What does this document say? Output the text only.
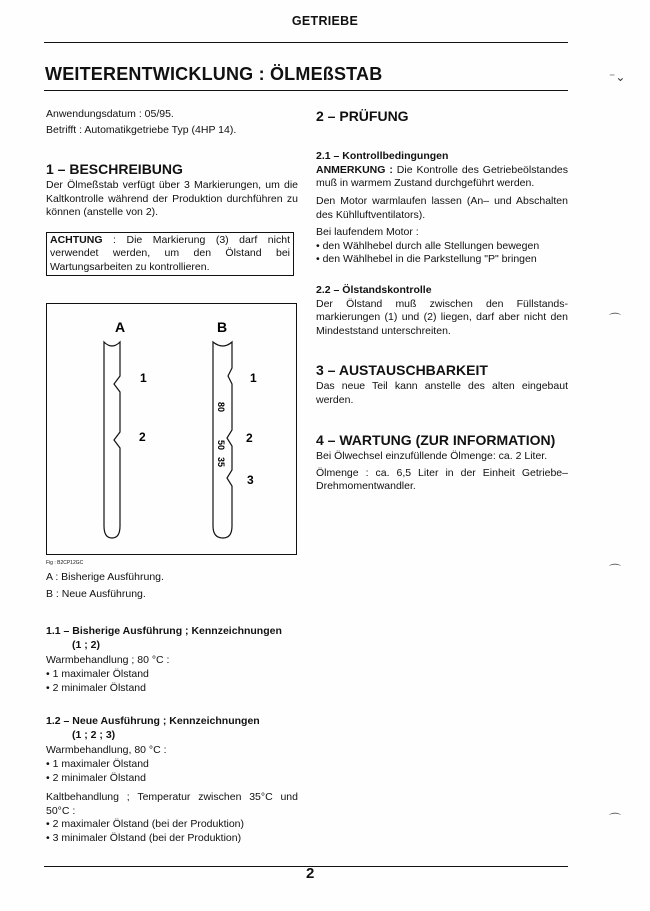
GETRIEBE
WEITERENTWICKLUNG : ÖLMEßSTAB

Anwendungsdatum : 05/95.

Betrifft : Automatikgetriebe Typ (4HP 14).

1 – BESCHREIBUNG
Der Ölmeßstab verfügt über 3 Markierungen, um die Kaltkontrolle während der Produktion durchführen zu können (anstelle von 2).
ACHTUNG : Die Markierung (3) darf nicht verwendet werden, um den Ölstand bei Wartungsarbeiten zu kontrollieren.
A	B
1
2
1
2
3
80
50
35
Fig : B2CP12GC

A : Bisherige Ausführung.

B : Neue Ausführung.

1.1 – Bisherige Ausführung ; Kennzeichnungen

(1 ; 2)

Warmbehandlung ; 80 °C :

• 1 maximaler Ölstand
• 2 minimaler Ölstand

1.2 – Neue Ausführung ; Kennzeichnungen

(1 ; 2 ; 3)

Warmbehandlung, 80 °C :

• 1 maximaler Ölstand
• 2 minimaler Ölstand

Kaltbehandlung ; Temperatur zwischen 35°C und 50°C :

• 2 maximaler Ölstand (bei der Produktion)
• 3 minimaler Ölstand (bei der Produktion)
2 – PRÜFUNG

2.1 – Kontrollbedingungen

ANMERKUNG : Die Kontrolle des Getriebeölstandes muß in warmem Zustand durchgeführt werden.

Den Motor warmlaufen lassen (An– und Abschalten des Kühlluftventilators).

Bei laufendem Motor :

• den Wählhebel durch alle Stellungen bewegen
• den Wählhebel in die Parkstellung "P" bringen

2.2 – Ölstandskontrolle

Der Ölstand muß zwischen den Füllstands-markierungen (1) und (2) liegen, darf aber nicht den Mindeststand unterschreiten.

3 – AUSTAUSCHBARKEIT
Das neue Teil kann anstelle des alten eingebaut werden.
4 – WARTUNG (ZUR INFORMATION)

Bei Ölwechsel einzufüllende Ölmenge: ca. 2 Liter.

Ölmenge : ca. 6,5 Liter in der Einheit Getriebe–Drehmomentwandler.

⁻⌄
⌒
⌒
⌒
2
